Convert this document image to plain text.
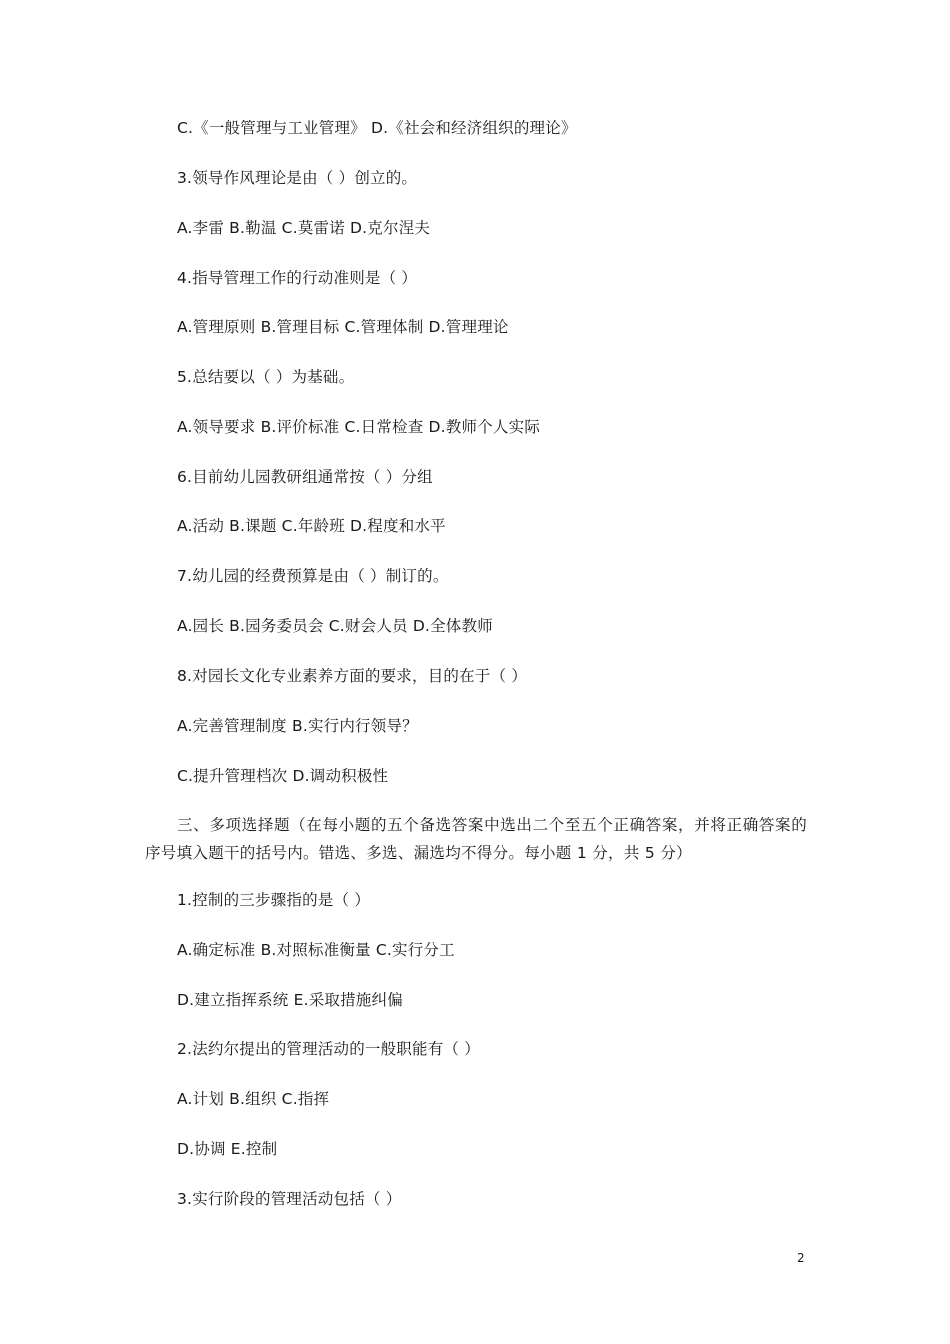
C.《一般管理与工业管理》 D.《社会和经济组织的理论》
3.领导作风理论是由（ ）创立的。
A.李雷 B.勒温 C.莫雷诺 D.克尔涅夫
4.指导管理工作的行动准则是（ ）
A.管理原则 B.管理目标 C.管理体制 D.管理理论
5.总结要以（ ）为基础。
A.领导要求 B.评价标准 C.日常检查 D.教师个人实际
6.目前幼儿园教研组通常按（ ）分组
A.活动 B.课题 C.年龄班 D.程度和水平
7.幼儿园的经费预算是由（ ）制订的。
A.园长 B.园务委员会 C.财会人员 D.全体教师
8.对园长文化专业素养方面的要求，目的在于（ ）
A.完善管理制度 B.实行内行领导？
C.提升管理档次 D.调动积极性
三、多项选择题（在每小题的五个备选答案中选出二个至五个正确答案，并将正确答案的序号填入题干的括号内。错选、多选、漏选均不得分。每小题 1 分，共 5 分）
1.控制的三步骤指的是（ ）
A.确定标准 B.对照标准衡量 C.实行分工
D.建立指挥系统 E.采取措施纠偏
2.法约尔提出的管理活动的一般职能有（ ）
A.计划 B.组织 C.指挥
D.协调 E.控制
3.实行阶段的管理活动包括（ ）
2
